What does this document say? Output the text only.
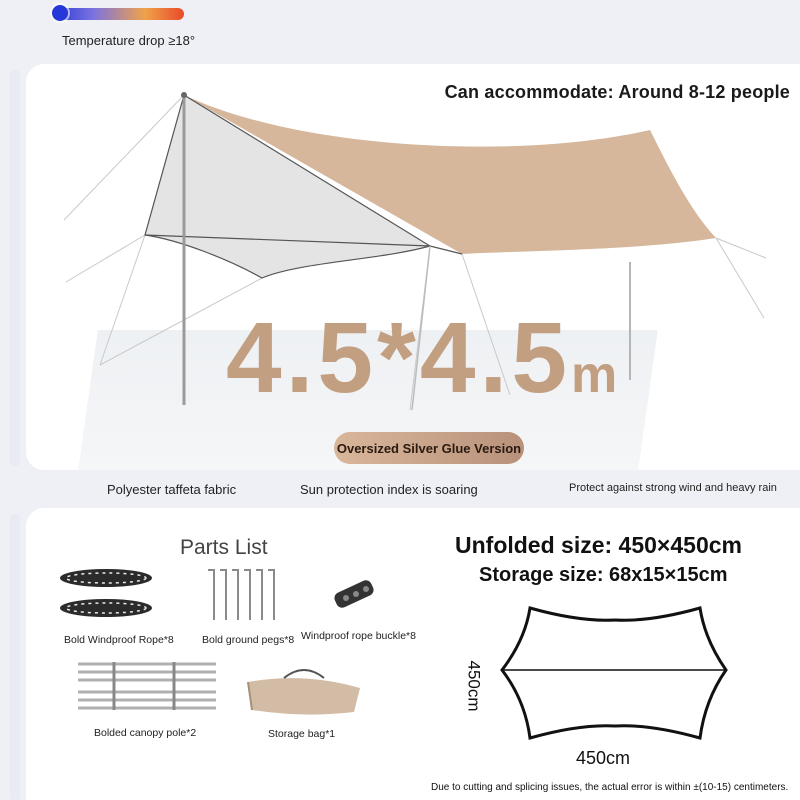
Temperature drop ≥18°
Can accommodate: Around 8-12 people
4.5*4.5m
Oversized Silver Glue Version
Polyester taffeta fabric	Sun protection index is soaring	Protect against strong wind and heavy rain
Parts List
Bold Windproof Rope*8	Bold ground pegs*8 Windproof rope buckle*8
Bolded canopy pole*2	Storage bag*1
Unfolded size: 450×450cm
Storage size: 68x15×15cm
450cm
450cm
Due to cutting and splicing issues, the actual error is within ±(10-15) centimeters.
